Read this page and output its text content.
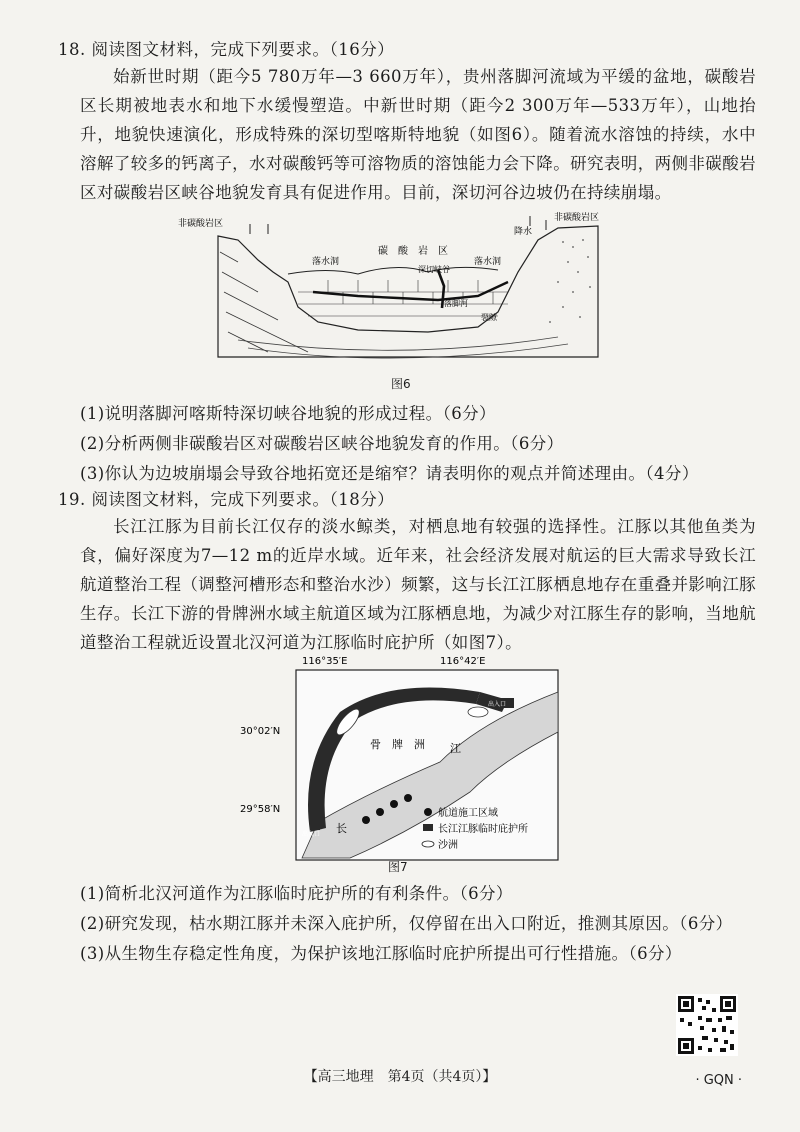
18. 阅读图文材料，完成下列要求。（16分）
始新世时期（距今5 780万年—3 660万年），贵州落脚河流域为平缓的盆地，碳酸岩区长期被地表水和地下水缓慢塑造。中新世时期（距今2 300万年—533万年），山地抬升，地貌快速演化，形成特殊的深切型喀斯特地貌（如图6）。随着流水溶蚀的持续，水中溶解了较多的钙离子，水对碳酸钙等可溶物质的溶蚀能力会下降。研究表明，两侧非碳酸岩区对碳酸岩区峡谷地貌发育具有促进作用。目前，深切河谷边坡仍在持续崩塌。
非碳酸岩区
非碳酸岩区
碳　酸　岩　区
落水洞	落水洞
深切峡谷
落脚河
降水
裂隙
图6
(1)说明落脚河喀斯特深切峡谷地貌的形成过程。（6分）
(2)分析两侧非碳酸岩区对碳酸岩区峡谷地貌发育的作用。（6分）
(3)你认为边坡崩塌会导致谷地拓宽还是缩窄？请表明你的观点并简述理由。（4分）
19. 阅读图文材料，完成下列要求。（18分）
长江江豚为目前长江仅存的淡水鲸类，对栖息地有较强的选择性。江豚以其他鱼类为食，偏好深度为7—12 m的近岸水域。近年来，社会经济发展对航运的巨大需求导致长江航道整治工程（调整河槽形态和整治水沙）频繁，这与长江江豚栖息地存在重叠并影响江豚生存。长江下游的骨牌洲水域主航道区域为江豚栖息地，为减少对江豚生存的影响，当地航道整治工程就近设置北汉河道为江豚临时庇护所（如图7）。
116°35′E	116°42′E
30°02′N
29°58′N
出入口
出入口
骨　牌　洲 江
长
航道施工区域
长江江豚临时庇护所
沙洲
图7
(1)简析北汉河道作为江豚临时庇护所的有利条件。（6分）
(2)研究发现，枯水期江豚并未深入庇护所，仅停留在出入口附近，推测其原因。（6分）
(3)从生物生存稳定性角度，为保护该地江豚临时庇护所提出可行性措施。（6分）
【高三地理　第4页（共4页）】	· GQN ·
